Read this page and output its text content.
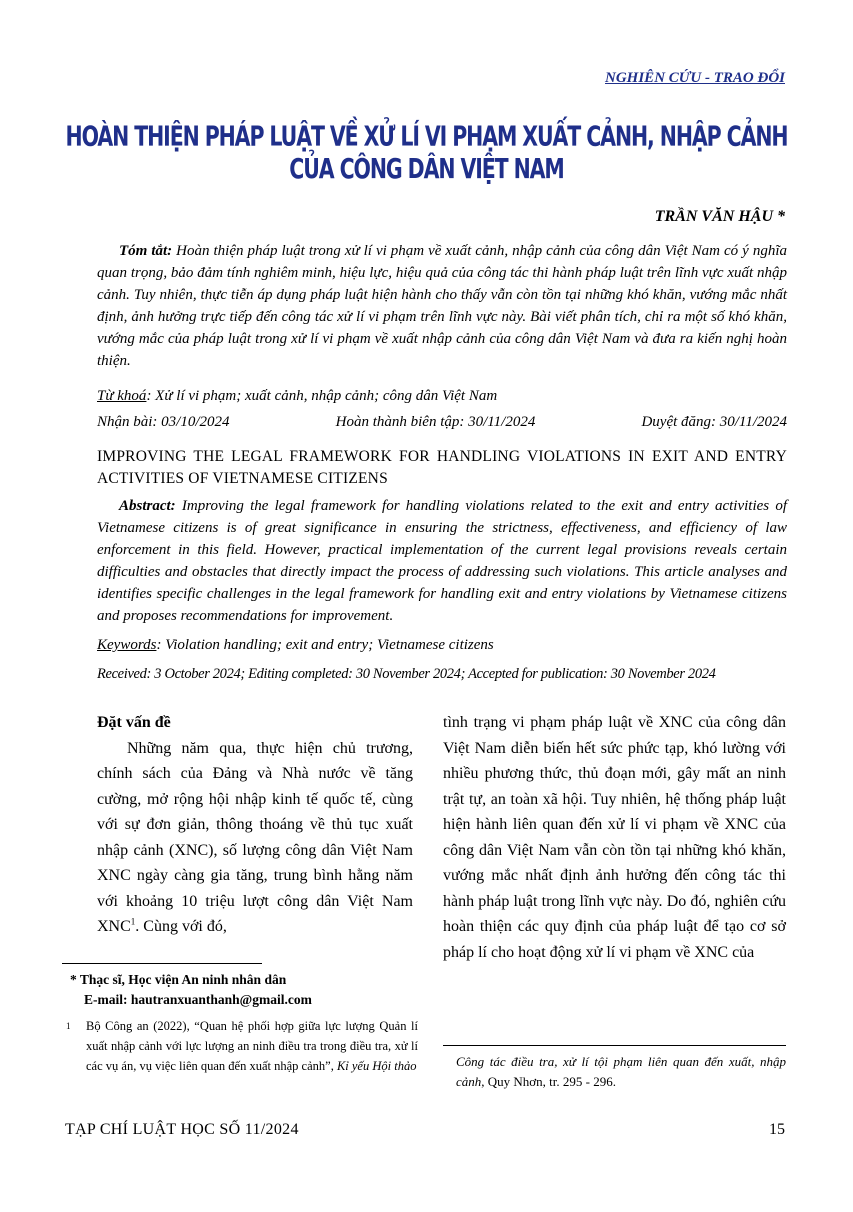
NGHIÊN CỨU - TRAO ĐỔI
HOÀN THIỆN PHÁP LUẬT VỀ XỬ LÍ VI PHẠM XUẤT CẢNH, NHẬP CẢNH CỦA CÔNG DÂN VIỆT NAM
TRẦN VĂN HẬU *
Tóm tắt: Hoàn thiện pháp luật trong xử lí vi phạm về xuất cảnh, nhập cảnh của công dân Việt Nam có ý nghĩa quan trọng, bảo đảm tính nghiêm minh, hiệu lực, hiệu quả của công tác thi hành pháp luật trên lĩnh vực xuất nhập cảnh. Tuy nhiên, thực tiễn áp dụng pháp luật hiện hành cho thấy vẫn còn tồn tại những khó khăn, vướng mắc nhất định, ảnh hưởng trực tiếp đến công tác xử lí vi phạm trên lĩnh vực này. Bài viết phân tích, chỉ ra một số khó khăn, vướng mắc của pháp luật trong xử lí vi phạm về xuất nhập cảnh của công dân Việt Nam và đưa ra kiến nghị hoàn thiện.
Từ khoá: Xử lí vi phạm; xuất cảnh, nhập cảnh; công dân Việt Nam
Nhận bài: 03/10/2024	Hoàn thành biên tập: 30/11/2024	Duyệt đăng: 30/11/2024
IMPROVING THE LEGAL FRAMEWORK FOR HANDLING VIOLATIONS IN EXIT AND ENTRY ACTIVITIES OF VIETNAMESE CITIZENS
Abstract: Improving the legal framework for handling violations related to the exit and entry activities of Vietnamese citizens is of great significance in ensuring the strictness, effectiveness, and efficiency of law enforcement in this field. However, practical implementation of the current legal provisions reveals certain difficulties and obstacles that directly impact the process of addressing such violations. This article analyses and identifies specific challenges in the legal framework for handling exit and entry violations by Vietnamese citizens and proposes recommendations for improvement.
Keywords: Violation handling; exit and entry; Vietnamese citizens
Received: 3 October 2024; Editing completed: 30 November 2024; Accepted for publication: 30 November 2024

Đặt vấn đề

Những năm qua, thực hiện chủ trương, chính sách của Đảng và Nhà nước về tăng cường, mở rộng hội nhập kinh tế quốc tế, cùng với sự đơn giản, thông thoáng về thủ tục xuất nhập cảnh (XNC), số lượng công dân Việt Nam XNC ngày càng gia tăng, trung bình hằng năm với khoảng 10 triệu lượt công dân Việt Nam XNC$^1$. Cùng với đó,

tình trạng vi phạm pháp luật về XNC của công dân Việt Nam diễn biến hết sức phức tạp, khó lường với nhiều phương thức, thủ đoạn mới, gây mất an ninh trật tự, an toàn xã hội. Tuy nhiên, hệ thống pháp luật hiện hành liên quan đến xử lí vi phạm về XNC của công dân Việt Nam vẫn còn tồn tại những khó khăn, vướng mắc nhất định ảnh hưởng đến công tác thi hành pháp luật trong lĩnh vực này. Do đó, nghiên cứu hoàn thiện các quy định của pháp luật để tạo cơ sở pháp lí cho hoạt động xử lí vi phạm về XNC của

* Thạc sĩ, Học viện An ninh nhân dân
E-mail: hautranxuanthanh@gmail.com
1 Bộ Công an (2022), “Quan hệ phối hợp giữa lực lượng Quản lí xuất nhập cảnh với lực lượng an ninh điều tra trong điều tra, xử lí các vụ án, vụ việc liên quan đến xuất nhập cảnh”, Kỉ yếu Hội thảo	Công tác điều tra, xử lí tội phạm liên quan đến xuất, nhập cảnh, Quy Nhơn, tr. 295 - 296.
TẠP CHÍ LUẬT HỌC SỐ 11/2024	15
